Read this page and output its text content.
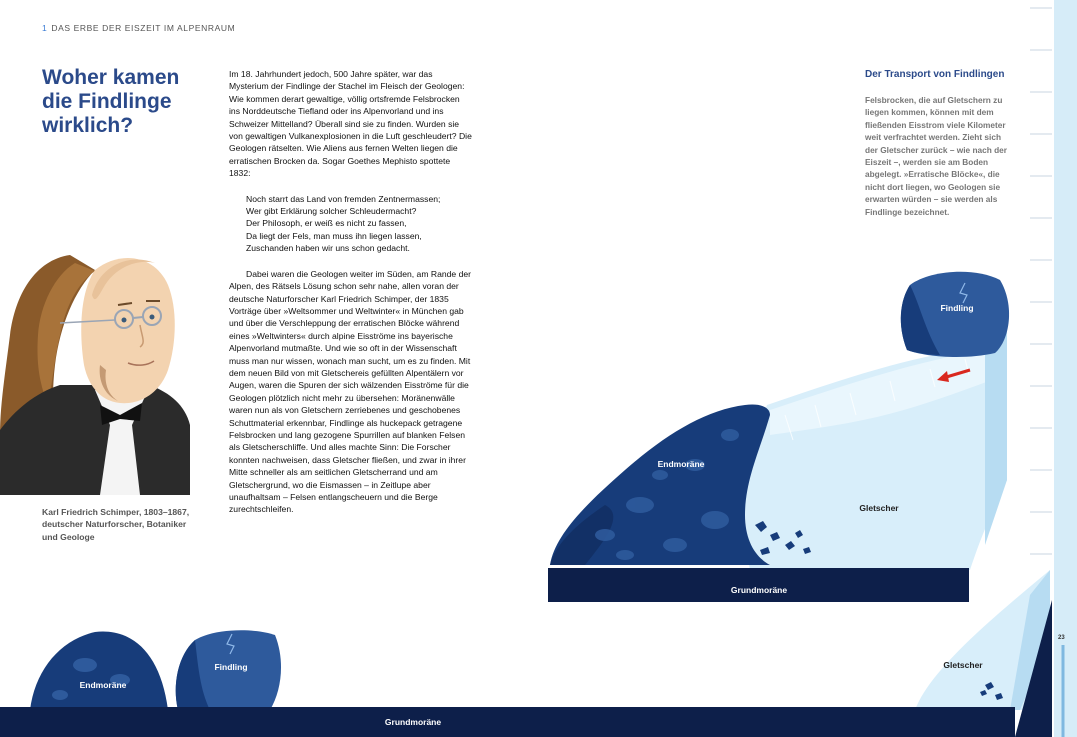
1 DAS ERBE DER EISZEIT IM ALPENRAUM
Woher kamen
die Findlinge
wirklich?

Im 18. Jahrhundert jedoch, 500 Jahre später, war das Mysterium der Findlinge der Stachel im Fleisch der Geologen: Wie kommen derart gewaltige, völlig ortsfremde Felsbrocken ins Norddeutsche Tiefland oder ins Alpenvorland und ins Schweizer Mittelland? Überall sind sie zu finden. Wurden sie von gewaltigen Vulkanexplosionen in die Luft geschleudert? Die Geologen rätselten. Wie Aliens aus fernen Welten liegen die erratischen Brocken da. Sogar Goethes Mephisto spottete 1832:

Noch starrt das Land von fremden Zentnermassen;
Wer gibt Erklärung solcher Schleudermacht?
Der Philosoph, er weiß es nicht zu fassen,
Da liegt der Fels, man muss ihn liegen lassen,
Zuschanden haben wir uns schon gedacht.

Dabei waren die Geologen weiter im Süden, am Rande der Alpen, des Rätsels Lösung schon sehr nahe, allen voran der deutsche Naturforscher Karl Friedrich Schimper, der 1835 Vorträge über »Weltsommer und Weltwinter« in München gab und über die Verschleppung der erratischen Blöcke während eines »Weltwinters« durch alpine Eisströme ins bayerische Alpenvorland mutmaßte. Und wie so oft in der Wissenschaft muss man nur wissen, wonach man sucht, um es zu finden. Mit dem neuen Bild von mit Gletschereis gefüllten Alpentälern vor Augen, waren die Spuren der sich wälzenden Eisströme für die Geologen plötzlich nicht mehr zu übersehen: Moränenwälle waren nun als von Gletschern zerriebenes und geschobenes Schuttmaterial erkennbar, Findlinge als huckepack getragene Felsbrocken und lang gezogene Spurrillen auf blanken Felsen als Gletscherschliffe. Und alles machte Sinn: Die Forscher konnten nachweisen, dass Gletscher fließen, und zwar in ihrer Mitte schneller als am seitlichen Gletscherrand und am Gletschergrund, wo die Eismassen – in Zeitlupe aber unaufhaltsam – Felsen entlangscheuern und die Berge zurechtschleifen.

Karl Friedrich Schimper, 1803–1867, deutscher Naturforscher, Botaniker und Geologe
Der Transport von Findlingen
Felsbrocken, die auf Gletschern zu liegen kommen, können mit dem fließenden Eisstrom viele Kilometer weit verfrachtet werden. Zieht sich der Gletscher zurück – wie nach der Eiszeit –, werden sie am Boden abgelegt. »Erratische Blöcke«, die nicht dort liegen, wo Geologen sie erwarten würden – sie werden als Findlinge bezeichnet.
Findling
Endmoräne
Gletscher
Grundmoräne
Endmoräne
Findling
Grundmoräne
Gletscher
23
